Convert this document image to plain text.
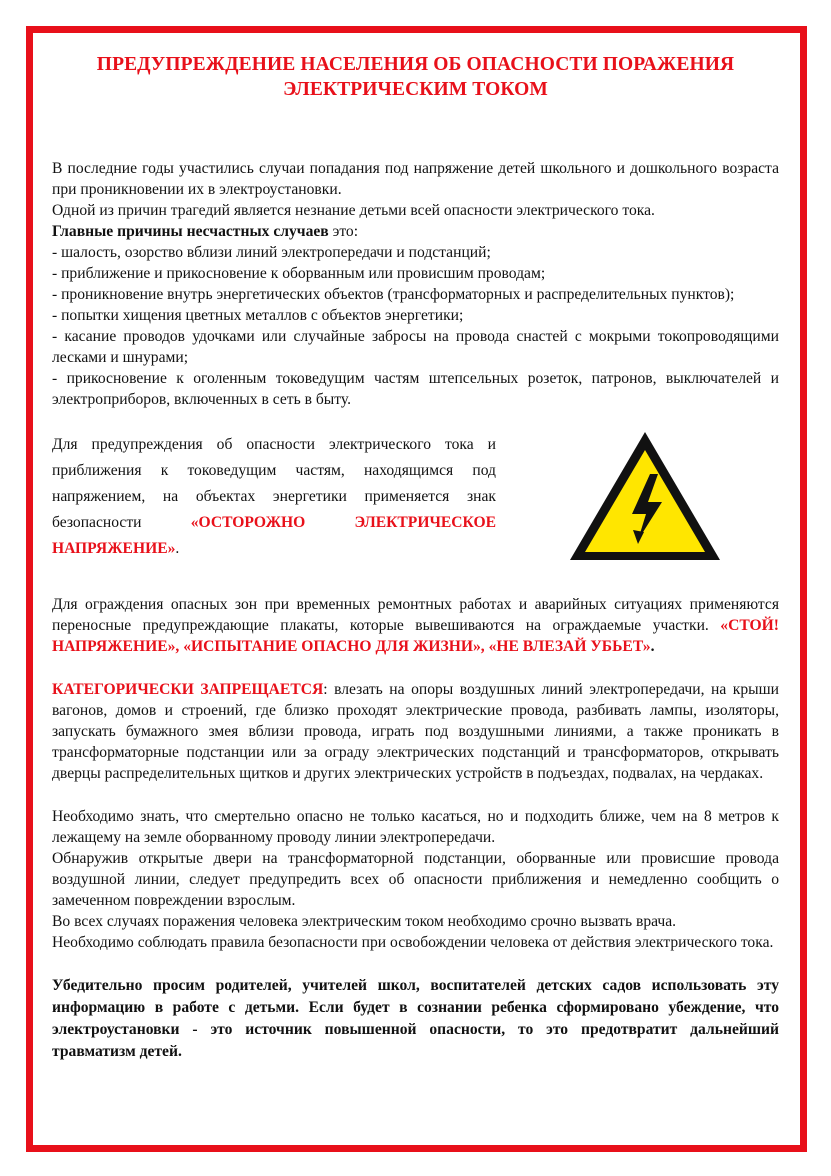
ПРЕДУПРЕЖДЕНИЕ НАСЕЛЕНИЯ ОБ ОПАСНОСТИ ПОРАЖЕНИЯ ЭЛЕКТРИЧЕСКИМ ТОКОМ

В последние годы участились случаи попадания под напряжение детей школьного и дошкольного возраста при проникновении их в электроустановки.

Одной из причин трагедий является незнание детьми всей опасности электрического тока.

Главные причины несчастных случаев это:

- шалость, озорство вблизи линий электропередачи и подстанций;

- приближение и прикосновение к оборванным или провисшим проводам;

- проникновение внутрь энергетических объектов (трансформаторных и распределительных пунктов);

- попытки хищения цветных металлов с объектов энергетики;

- касание проводов удочками или случайные забросы на провода снастей с мокрыми токопроводящими лесками и шнурами;

- прикосновение к оголенным токоведущим частям штепсельных розеток, патронов, выключателей и электроприборов, включенных в сеть в быту.

Для предупреждения об опасности электрического тока и приближения к токоведущим частям, находящимся под напряжением, на объектах энергетики применяется знак безопасности «ОСТОРОЖНО ЭЛЕКТРИЧЕСКОЕ НАПРЯЖЕНИЕ».

Для ограждения опасных зон при временных ремонтных работах и аварийных ситуациях применяются переносные предупреждающие плакаты, которые вывешиваются на ограждаемые участки. «СТОЙ! НАПРЯЖЕНИЕ», «ИСПЫТАНИЕ ОПАСНО ДЛЯ ЖИЗНИ», «НЕ ВЛЕЗАЙ УБЬЕТ».

КАТЕГОРИЧЕСКИ ЗАПРЕЩАЕТСЯ: влезать на опоры воздушных линий электропередачи, на крыши вагонов, домов и строений, где близко проходят электрические провода, разбивать лампы, изоляторы, запускать бумажного змея вблизи провода, играть под воздушными линиями, а также проникать в трансформаторные подстанции или за ограду электрических подстанций и трансформаторов, открывать дверцы распределительных щитков и других электрических устройств в подъездах, подвалах, на чердаках.

Необходимо знать, что смертельно опасно не только касаться, но и подходить ближе, чем на 8 метров к лежащему на земле оборванному проводу линии электропередачи.

Обнаружив открытые двери на трансформаторной подстанции, оборванные или провисшие провода воздушной линии, следует предупредить всех об опасности приближения и немедленно сообщить о замеченном повреждении взрослым.

Во всех случаях поражения человека электрическим током необходимо срочно вызвать врача.

Необходимо соблюдать правила безопасности при освобождении человека от действия электрического тока.

Убедительно просим родителей, учителей школ, воспитателей детских садов использовать эту информацию в работе с детьми. Если будет в сознании ребенка сформировано убеждение, что электроустановки - это источник повышенной опасности, то это предотвратит дальнейший травматизм детей.
